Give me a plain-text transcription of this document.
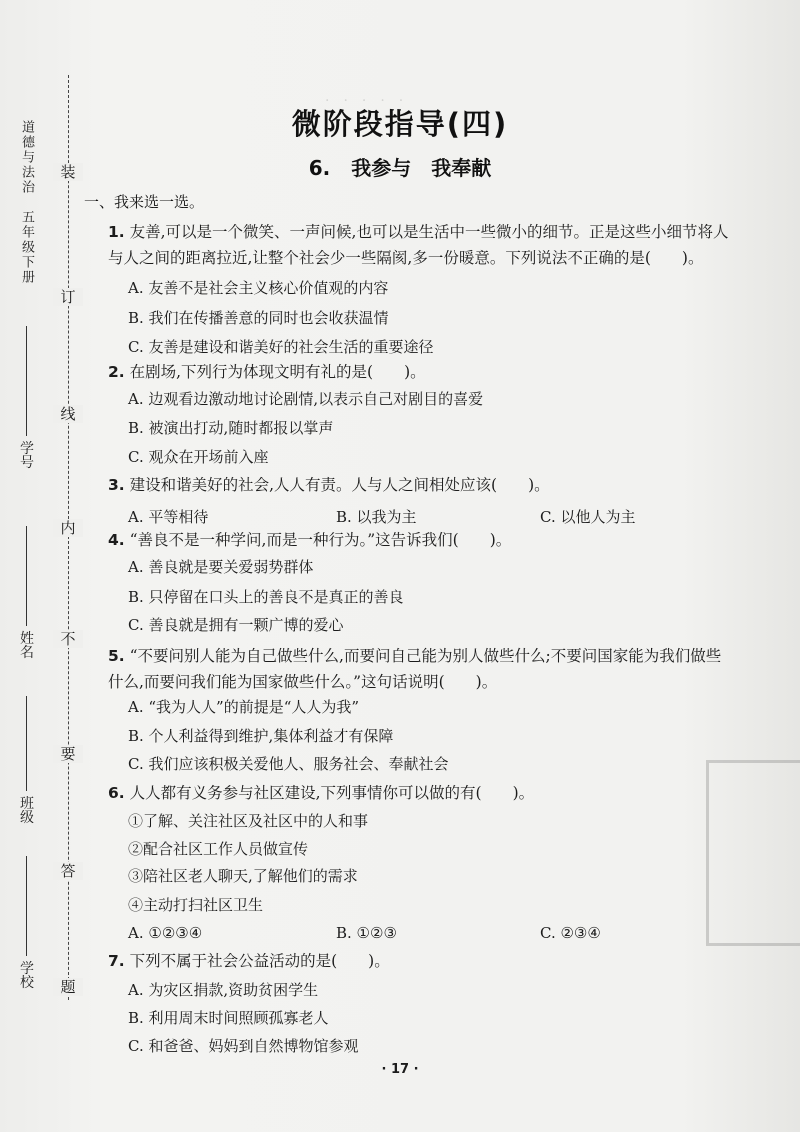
·　·　·　·　·
装
订
线
内
不
要
答
题
道德与法治　五年级下册
学号
姓名
班级
学校
微阶段指导(四)
6. 我参与　我奉献
一、我来选一选。
1. 友善,可以是一个微笑、一声问候,也可以是生活中一些微小的细节。正是这些小细节将人
与人之间的距离拉近,让整个社会少一些隔阂,多一份暖意。下列说法不正确的是(　　)。
A. 友善不是社会主义核心价值观的内容
B. 我们在传播善意的同时也会收获温情
C. 友善是建设和谐美好的社会生活的重要途径
2. 在剧场,下列行为体现文明有礼的是(　　)。
A. 边观看边激动地讨论剧情,以表示自己对剧目的喜爱
B. 被演出打动,随时都报以掌声
C. 观众在开场前入座
3. 建设和谐美好的社会,人人有责。人与人之间相处应该(　　)。
A. 平等相待	B. 以我为主	C. 以他人为主
4. “善良不是一种学问,而是一种行为。”这告诉我们(　　)。
A. 善良就是要关爱弱势群体
B. 只停留在口头上的善良不是真正的善良
C. 善良就是拥有一颗广博的爱心
5. “不要问别人能为自己做些什么,而要问自己能为别人做些什么;不要问国家能为我们做些
什么,而要问我们能为国家做些什么。”这句话说明(　　)。
A. “我为人人”的前提是“人人为我”
B. 个人利益得到维护,集体利益才有保障
C. 我们应该积极关爱他人、服务社会、奉献社会
6. 人人都有义务参与社区建设,下列事情你可以做的有(　　)。
①了解、关注社区及社区中的人和事
②配合社区工作人员做宣传
③陪社区老人聊天,了解他们的需求
④主动打扫社区卫生
A. ①②③④	B. ①②③	C. ②③④
7. 下列不属于社会公益活动的是(　　)。
A. 为灾区捐款,资助贫困学生
B. 利用周末时间照顾孤寡老人
C. 和爸爸、妈妈到自然博物馆参观
· 17 ·
